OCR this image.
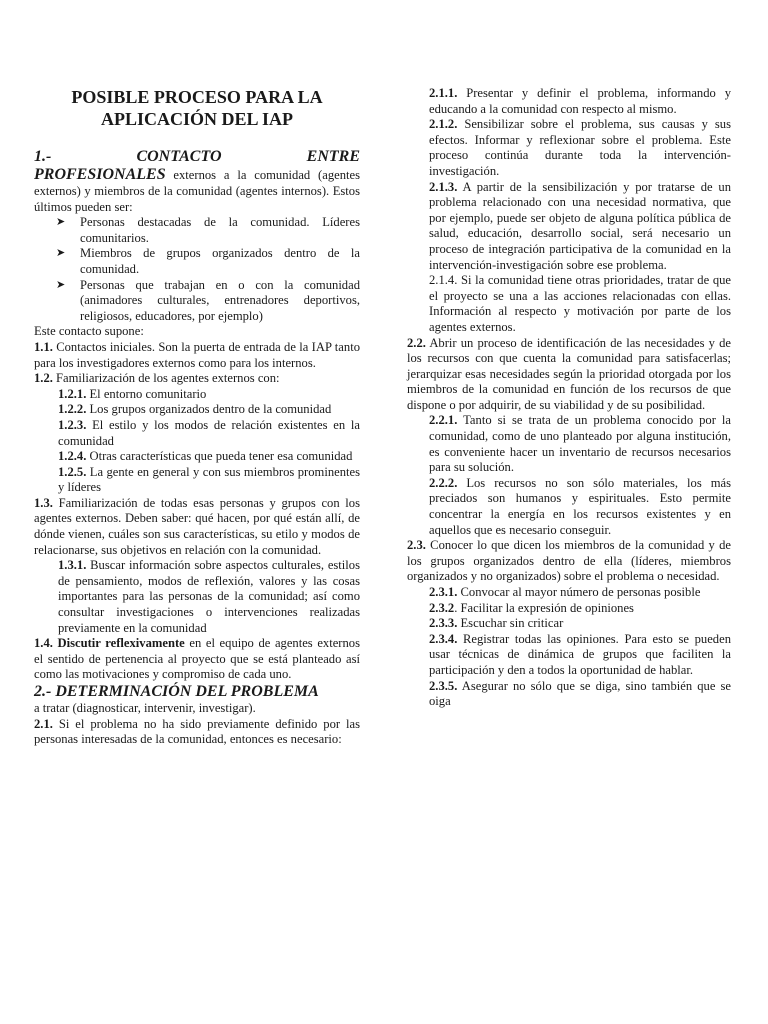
POSIBLE PROCESO PARA LA
APLICACIÓN DEL IAP
1.-	CONTACTO	ENTRE

PROFESIONALES externos a la comunidad (agentes externos) y miembros de la comunidad (agentes internos). Estos últimos pueden ser:

➤ Personas destacadas de la comunidad. Líderes comunitarios.
➤ Miembros de grupos organizados dentro de la comunidad.
➤ Personas que trabajan en o con la comunidad (animadores culturales, entrenadores deportivos, religiosos, educadores, por ejemplo)

Este contacto supone:

1.1. Contactos iniciales. Son la puerta de entrada de la IAP tanto para los investigadores externos como para los internos.

1.2. Familiarización de los agentes externos con:

1.2.1. El entorno comunitario

1.2.2. Los grupos organizados dentro de la comunidad

1.2.3. El estilo y los modos de relación existentes en la comunidad

1.2.4. Otras características que pueda tener esa comunidad

1.2.5. La gente en general y con sus miembros prominentes y líderes

1.3. Familiarización de todas esas personas y grupos con los agentes externos. Deben saber: qué hacen, por qué están allí, de dónde vienen, cuáles son sus características, su etilo y modos de relacionarse, sus objetivos en relación con la comunidad.

1.3.1. Buscar información sobre aspectos culturales, estilos de pensamiento, modos de reflexión, valores y las cosas importantes para las personas de la comunidad; así como consultar investigaciones o intervenciones realizadas previamente en la comunidad

1.4. Discutir reflexivamente en el equipo de agentes externos el sentido de pertenencia al proyecto que se está planteado así como las motivaciones y compromiso de cada uno.

2.- DETERMINACIÓN DEL PROBLEMA

a tratar (diagnosticar, intervenir, investigar).

2.1. Si el problema no ha sido previamente definido por las personas interesadas de la comunidad, entonces es necesario:

2.1.1. Presentar y definir el problema, informando y educando a la comunidad con respecto al mismo.

2.1.2. Sensibilizar sobre el problema, sus causas y sus efectos. Informar y reflexionar sobre el problema. Este proceso continúa durante toda la intervención- investigación.

2.1.3. A partir de la sensibilización y por tratarse de un problema relacionado con una necesidad normativa, que por ejemplo, puede ser objeto de alguna política pública de salud, educación, desarrollo social, será necesario un proceso de integración participativa de la comunidad en la intervención-investigación sobre ese problema.

2.1.4. Si la comunidad tiene otras prioridades, tratar de que el proyecto se una a las acciones relacionadas con ellas. Información al respecto y motivación por parte de los agentes externos.

2.2. Abrir un proceso de identificación de las necesidades y de los recursos con que cuenta la comunidad para satisfacerlas; jerarquizar esas necesidades según la prioridad otorgada por los miembros de la comunidad en función de los recursos de que dispone o por adquirir, de su viabilidad y de su posibilidad.

2.2.1. Tanto si se trata de un problema conocido por la comunidad, como de uno planteado por alguna institución, es conveniente hacer un inventario de recursos necesarios para su solución.

2.2.2. Los recursos no son sólo materiales, los más preciados son humanos y espirituales. Esto permite concentrar la energía en los recursos existentes y en aquellos que es necesario conseguir.

2.3. Conocer lo que dicen los miembros de la comunidad y de los grupos organizados dentro de ella (líderes, miembros organizados y no organizados) sobre el problema o necesidad.

2.3.1. Convocar al mayor número de personas posible

2.3.2. Facilitar la expresión de opiniones

2.3.3. Escuchar sin criticar

2.3.4. Registrar todas las opiniones. Para esto se pueden usar técnicas de dinámica de grupos que faciliten la participación y den a todos la oportunidad de hablar.

2.3.5. Asegurar no sólo que se diga, sino también que se oiga
